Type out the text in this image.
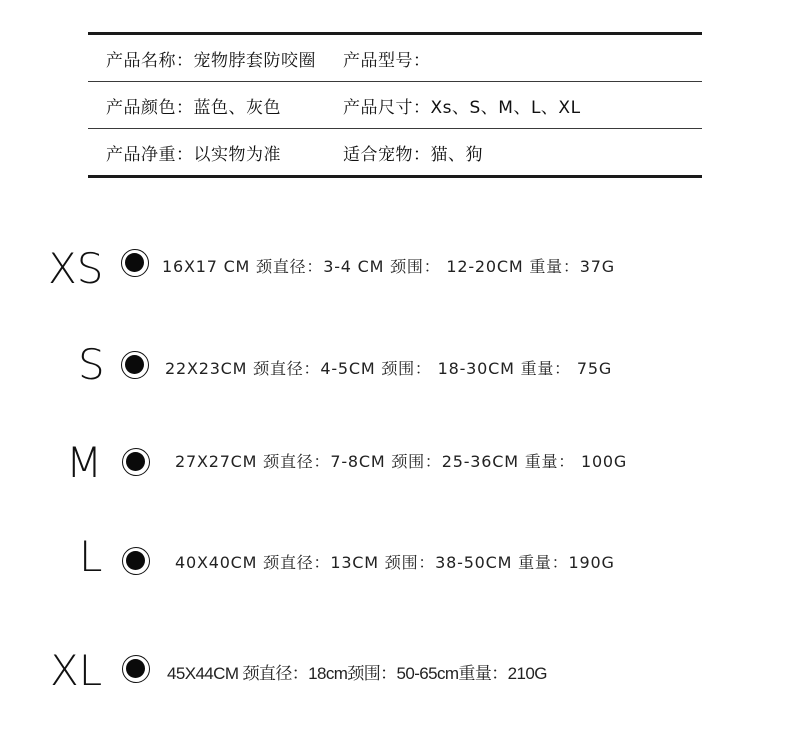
产品名称：宠物脖套防咬圈 产品型号：
产品颜色：蓝色、灰色	产品尺寸：Xs、S、M、L、XL
产品净重：以实物为准	适合宠物：猫、狗
XS	16X17 CM 颈直径：3-4 CM 颈围： 12-20CM 重量：37G
S	22X23CM 颈直径：4-5CM 颈围： 18-30CM 重量： 75G
M	27X27CM 颈直径：7-8CM 颈围：25-36CM 重量： 100G
L	40X40CM 颈直径：13CM 颈围：38-50CM 重量：190G
XL	45X44CM 颈直径：18cm颈围：50-65cm重量：210G
